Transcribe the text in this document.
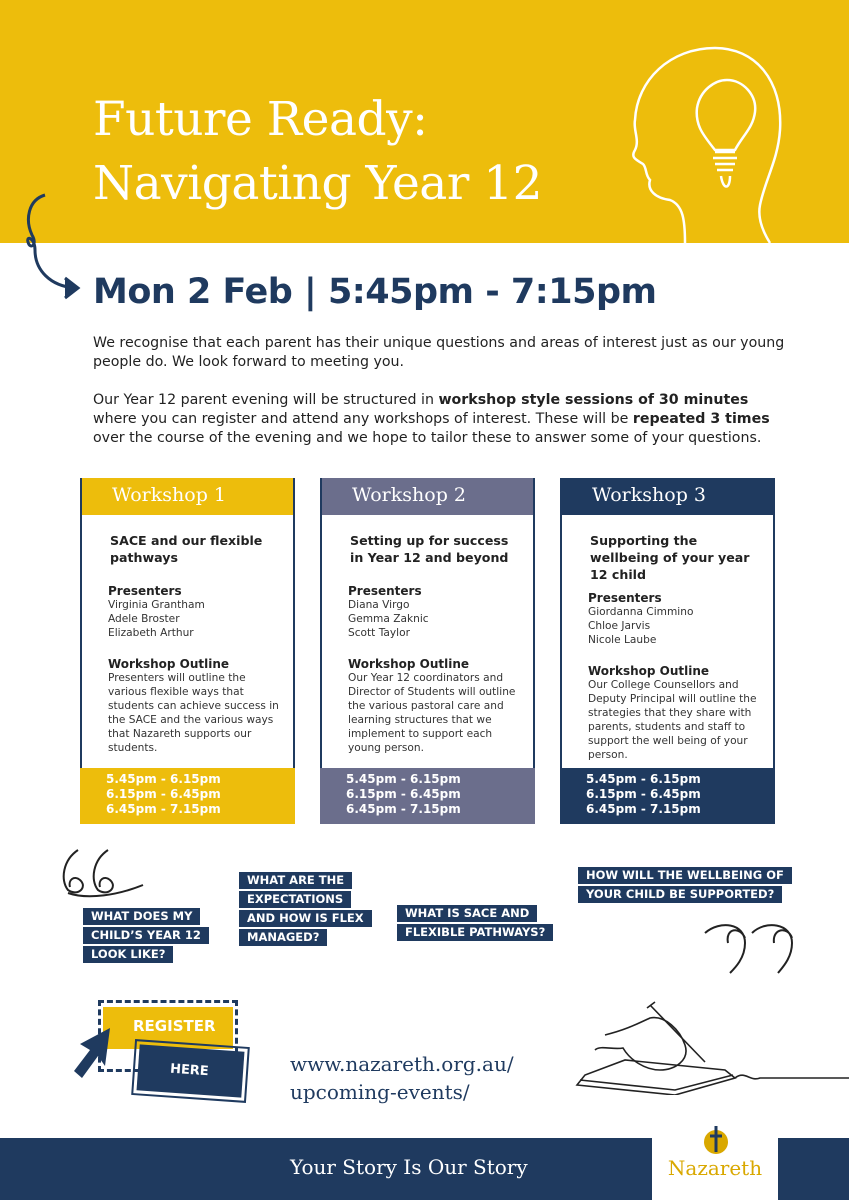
Future Ready:
Navigating Year 12
Mon 2 Feb | 5:45pm - 7:15pm

We recognise that each parent has their unique questions and areas of interest just as our young people do. We look forward to meeting you.

Our Year 12 parent evening will be structured in workshop style sessions of 30 minutes where you can register and attend any workshops of interest. These will be repeated 3 times over the course of the evening and we hope to tailor these to answer some of your questions.

Workshop 1
SACE and our flexible pathways
Presenters
Virginia Grantham
Adele Broster
Elizabeth Arthur
Workshop Outline
Presenters will outline the various flexible ways that students can achieve success in the SACE and the various ways that Nazareth supports our students.
5.45pm - 6.15pm
6.15pm - 6.45pm
6.45pm - 7.15pm
Workshop 2
Setting up for success in Year 12 and beyond
Presenters
Diana Virgo
Gemma Zaknic
Scott Taylor
Workshop Outline
Our Year 12 coordinators and Director of Students will outline the various pastoral care and learning structures that we implement to support each young person.
5.45pm - 6.15pm
6.15pm - 6.45pm
6.45pm - 7.15pm
Workshop 3
Supporting the wellbeing of your year 12 child
Presenters
Giordanna Cimmino
Chloe Jarvis
Nicole Laube
Workshop Outline
Our College Counsellors and Deputy Principal will outline the strategies that they share with parents, students and staff to support the well being of your person.
5.45pm - 6.15pm
6.15pm - 6.45pm
6.45pm - 7.15pm
WHAT DOES MY
CHILD’S YEAR 12
LOOK LIKE?
WHAT ARE THE
EXPECTATIONS
AND HOW IS FLEX
MANAGED?
WHAT IS SACE AND
FLEXIBLE PATHWAYS?
HOW WILL THE WELLBEING OF
YOUR CHILD BE SUPPORTED?
REGISTER
HERE	www.nazareth.org.au/
upcoming-events/
Your Story Is Our Story	Nazareth
